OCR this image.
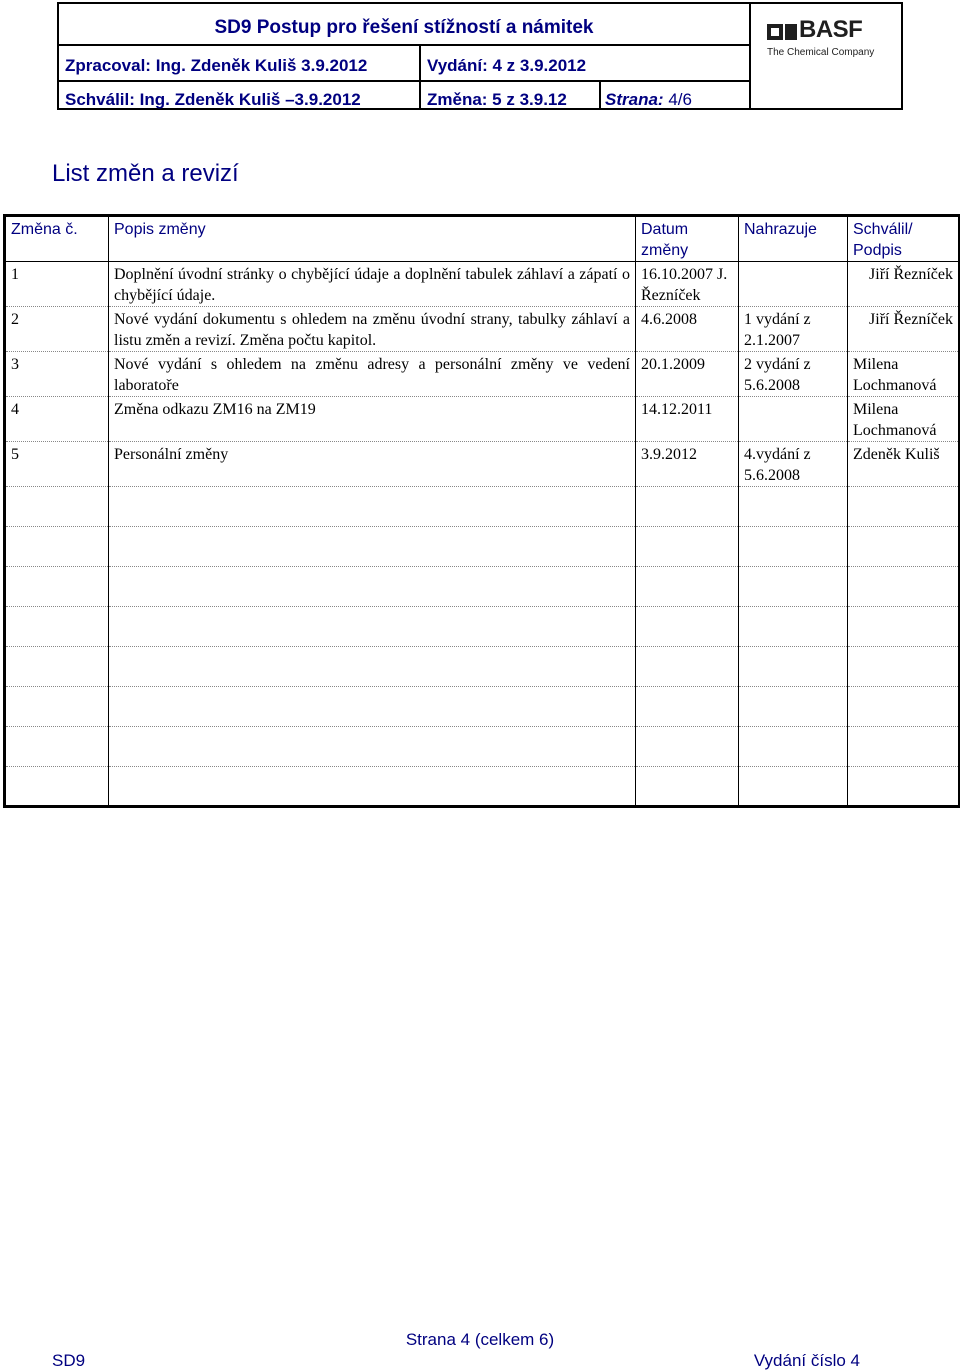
SD9 Postup pro řešení stížností a námitek
Zpracoval: Ing. Zdeněk Kuliš 3.9.2012	Vydání: 4 z 3.9.2012
Schválil: Ing. Zdeněk Kuliš –3.9.2012	Změna: 5 z 3.9.12 Strana: 4/6
BASF
The Chemical Company
List změn a revizí
Změna č.	Popis změny	Datum změny	Nahrazuje	Schválil/ Podpis
1	Doplnění úvodní stránky o chybějící údaje a doplnění tabulek záhlaví a zápatí o chybějící údaje.	16.10.2007 J. Řezníček		Jiří Řezníček
2	Nové vydání dokumentu s ohledem na změnu úvodní strany, tabulky záhlaví a listu změn a revizí. Změna počtu kapitol.	4.6.2008	1 vydání z 2.1.2007	Jiří Řezníček
3	Nové vydání s ohledem na změnu adresy a personální změny ve vedení laboratoře	20.1.2009	2 vydání z 5.6.2008	Milena Lochmanová
4	Změna odkazu ZM16 na ZM19	14.12.2011		Milena Lochmanová
5	Personální změny	3.9.2012	4.vydání z 5.6.2008	Zdeněk Kuliš

Strana 4 (celkem 6)
SD9	Vydání číslo 4
